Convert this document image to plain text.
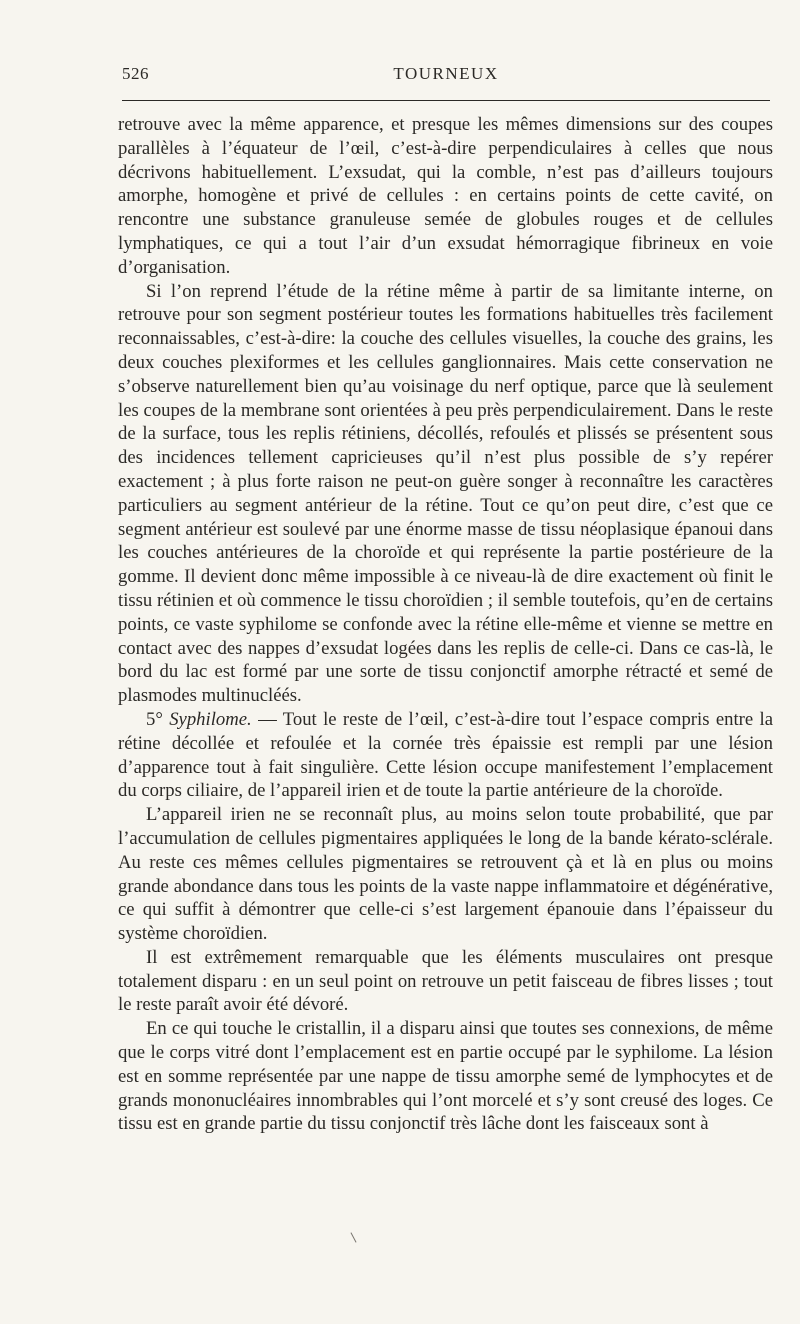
526	TOURNEUX

retrouve avec la même apparence, et presque les mêmes dimensions sur des coupes parallèles à l’équateur de l’œil, c’est-à-dire perpendiculaires à celles que nous décrivons habituellement. L’exsudat, qui la comble, n’est pas d’ailleurs toujours amorphe, homogène et privé de cellules : en certains points de cette cavité, on rencontre une substance granuleuse semée de globules rouges et de cellules lymphatiques, ce qui a tout l’air d’un exsudat hémorragique fibrineux en voie d’organisation.

Si l’on reprend l’étude de la rétine même à partir de sa limitante interne, on retrouve pour son segment postérieur toutes les formations habituelles très facilement reconnaissables, c’est-à-dire: la couche des cellules visuelles, la couche des grains, les deux couches plexiformes et les cellules ganglionnaires. Mais cette conservation ne s’observe naturellement bien qu’au voisinage du nerf optique, parce que là seulement les coupes de la membrane sont orientées à peu près perpendiculairement. Dans le reste de la surface, tous les replis rétiniens, décollés, refoulés et plissés se présentent sous des incidences tellement capricieuses qu’il n’est plus possible de s’y repérer exactement ; à plus forte raison ne peut-on guère songer à reconnaître les caractères particuliers au segment antérieur de la rétine. Tout ce qu’on peut dire, c’est que ce segment antérieur est soulevé par une énorme masse de tissu néoplasique épanoui dans les couches antérieures de la choroïde et qui représente la partie postérieure de la gomme. Il devient donc même impossible à ce niveau-là de dire exactement où finit le tissu rétinien et où commence le tissu choroïdien ; il semble toutefois, qu’en de certains points, ce vaste syphilome se confonde avec la rétine elle-même et vienne se mettre en contact avec des nappes d’exsudat logées dans les replis de celle-ci. Dans ce cas-là, le bord du lac est formé par une sorte de tissu conjonctif amorphe rétracté et semé de plasmodes multinucléés.

5° Syphilome. — Tout le reste de l’œil, c’est-à-dire tout l’espace compris entre la rétine décollée et refoulée et la cornée très épaissie est rempli par une lésion d’apparence tout à fait singulière. Cette lésion occupe manifestement l’emplacement du corps ciliaire, de l’appareil irien et de toute la partie antérieure de la choroïde.

L’appareil irien ne se reconnaît plus, au moins selon toute probabilité, que par l’accumulation de cellules pigmentaires appliquées le long de la bande kérato-sclérale. Au reste ces mêmes cellules pigmentaires se retrouvent çà et là en plus ou moins grande abondance dans tous les points de la vaste nappe inflammatoire et dégénérative, ce qui suffit à démontrer que celle-ci s’est largement épanouie dans l’épaisseur du système choroïdien.

Il est extrêmement remarquable que les éléments musculaires ont presque totalement disparu : en un seul point on retrouve un petit faisceau de fibres lisses ; tout le reste paraît avoir été dévoré.

En ce qui touche le cristallin, il a disparu ainsi que toutes ses connexions, de même que le corps vitré dont l’emplacement est en partie occupé par le syphilome. La lésion est en somme représentée par une nappe de tissu amorphe semé de lymphocytes et de grands mononucléaires innombrables qui l’ont morcelé et s’y sont creusé des loges. Ce tissu est en grande partie du tissu conjonctif très lâche dont les faisceaux sont à
